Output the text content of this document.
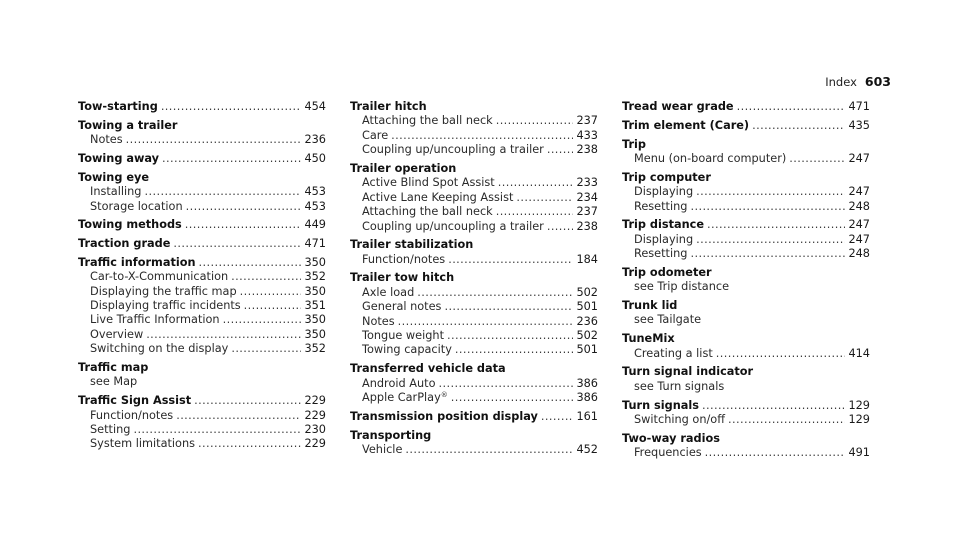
Index 603
Tow-starting .....	454
Towing a trailer
Notes .....	236
Towing away .....	450
Towing eye
Installing .....	453
Storage location .....	453
Towing methods .....	449
Traction grade .....	471
Traffic information .....	350
Car-to-X-Communication .....	352
Displaying the traffic map .....	350
Displaying traffic incidents .....	351
Live Traffic Information .....	350
Overview .....	350
Switching on the display .....	352
Traffic map
see Map
Traffic Sign Assist .....	229
Function/notes .....	229
Setting .....	230
System limitations .....	229
Trailer hitch
Attaching the ball neck .....	237
Care .....	433
Coupling up/uncoupling a trailer .....	238
Trailer operation
Active Blind Spot Assist .....	233
Active Lane Keeping Assist .....	234
Attaching the ball neck .....	237
Coupling up/uncoupling a trailer .....	238
Trailer stabilization
Function/notes .....	184
Trailer tow hitch
Axle load .....	502
General notes .....	501
Notes .....	236
Tongue weight .....	502
Towing capacity .....	501
Transferred vehicle data
Android Auto .....	386
Apple CarPlay® .....	386
Transmission position display .....	161
Transporting
Vehicle .....	452
Tread wear grade .....	471
Trim element (Care) .....	435
Trip
Menu (on-board computer) .....	247
Trip computer
Displaying .....	247
Resetting .....	248
Trip distance .....	247
Displaying .....	247
Resetting .....	248
Trip odometer
see Trip distance
Trunk lid
see Tailgate
TuneMix
Creating a list .....	414
Turn signal indicator
see Turn signals
Turn signals .....	129
Switching on/off .....	129
Two-way radios
Frequencies .....	491
